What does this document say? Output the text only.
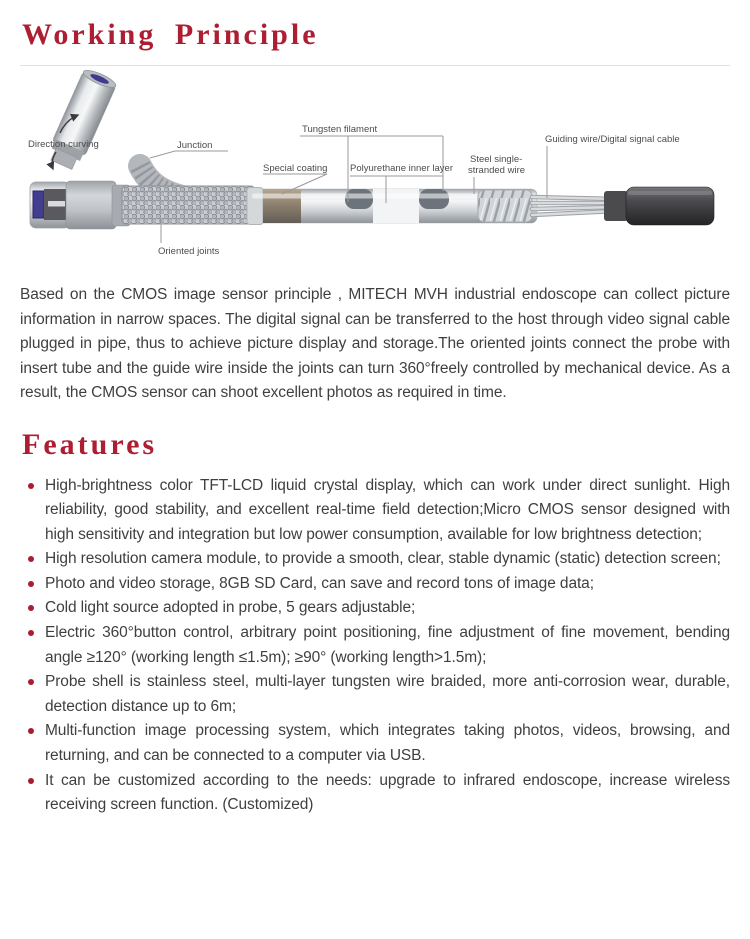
Working Principle
Direction curving	Junction
Oriented joints
Tungsten filament
Special coating Polyurethane inner layer
Steel single-
stranded wire
Guiding wire/Digital signal cable

Based on the CMOS image sensor principle , MITECH MVH industrial endoscope can collect picture information in narrow spaces. The digital signal can be transferred to the host through video signal cable plugged in pipe, thus to achieve picture display and storage.The oriented joints connect the probe with insert tube and the guide wire inside the joints can turn 360°freely controlled by mechanical device. As a result, the CMOS sensor can shoot excellent photos as required in time.

Features
High-brightness color TFT-LCD liquid crystal display, which can work under direct sunlight. High reliability, good stability, and excellent real-time field detection;Micro CMOS sensor designed with high sensitivity and integration but low power consumption, available for low brightness detection;
High resolution camera module, to provide a smooth, clear, stable dynamic (static) detection screen;
Photo and video storage, 8GB SD Card, can save and record tons of image data;
Cold light source adopted in probe, 5 gears adjustable;
Electric 360°button control, arbitrary point positioning, fine adjustment of fine movement, bending angle ≥120° (working length ≤1.5m); ≥90° (working length>1.5m);
Probe shell is stainless steel, multi-layer tungsten wire braided, more anti-corrosion wear, durable, detection distance up to 6m;
Multi-function image processing system, which integrates taking photos, videos, browsing, and returning, and can be connected to a computer via USB.
It can be customized according to the needs: upgrade to infrared endoscope, increase wireless receiving screen function. (Customized)
